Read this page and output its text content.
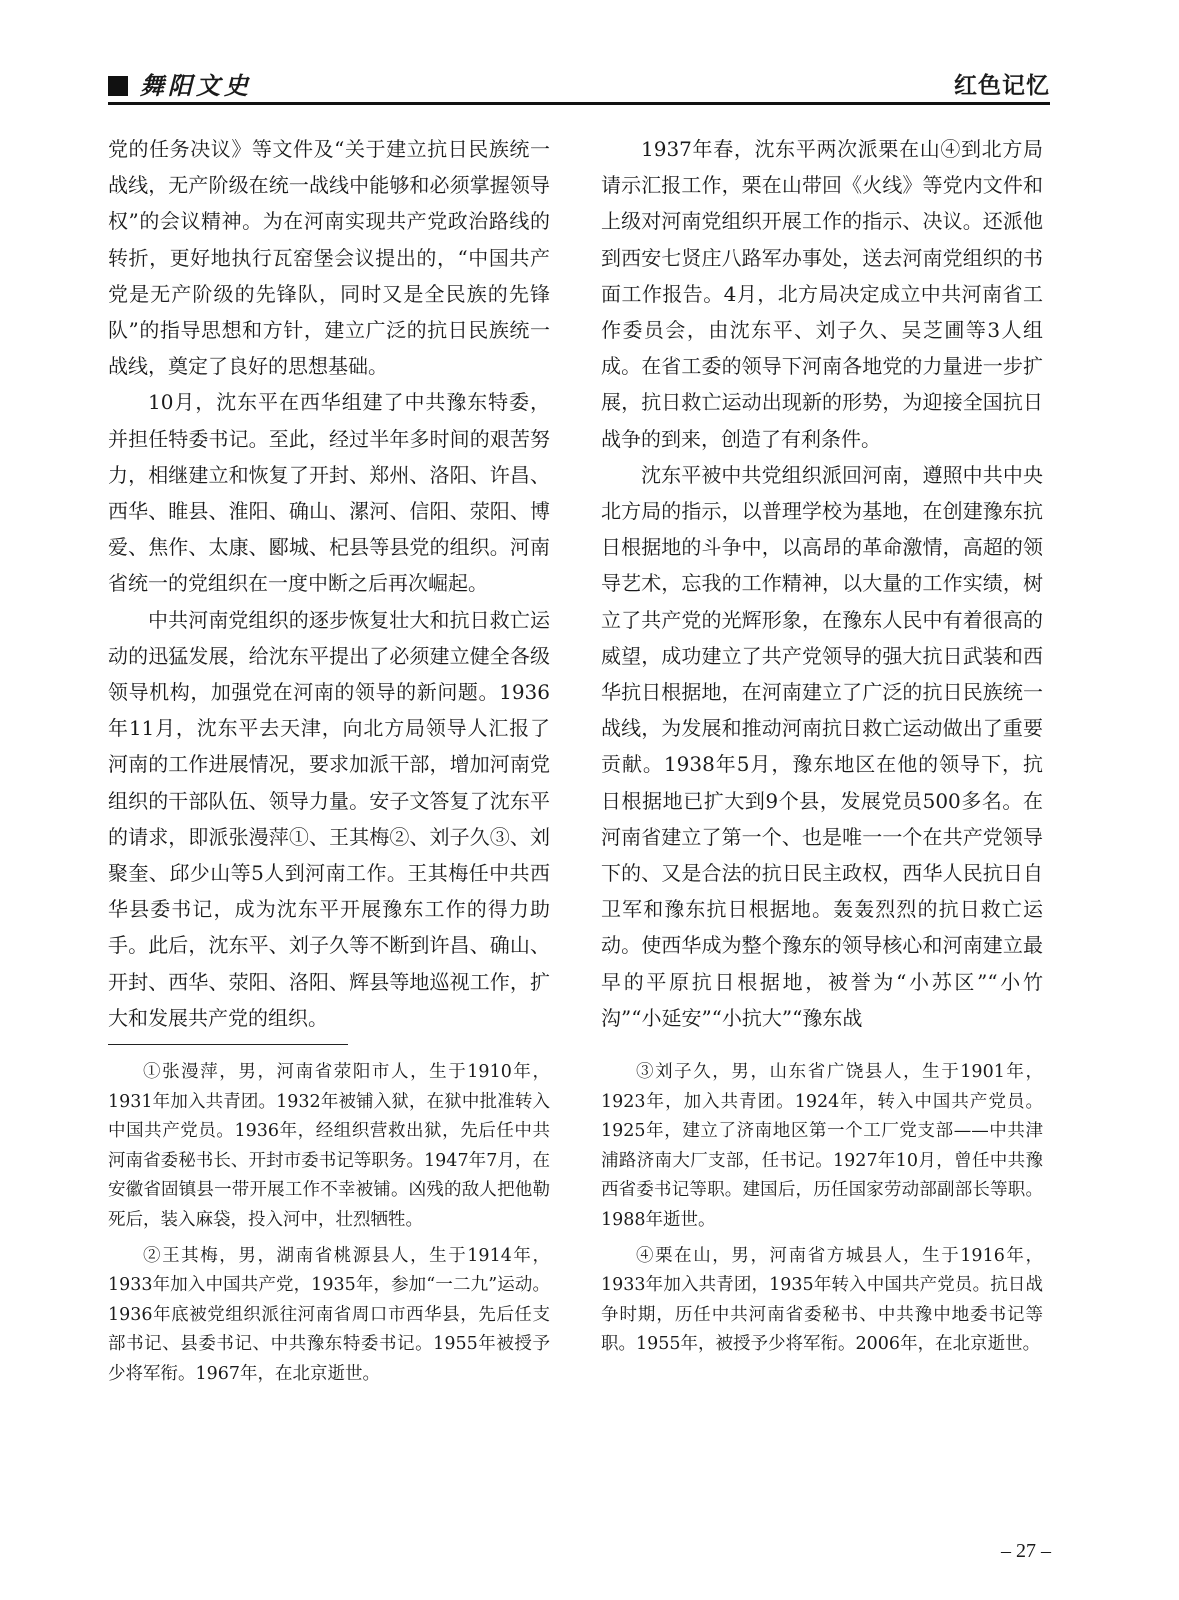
舞阳文史	红色记忆

党的任务决议》等文件及“关于建立抗日民族统一战线，无产阶级在统一战线中能够和必须掌握领导权”的会议精神。为在河南实现共产党政治路线的转折，更好地执行瓦窑堡会议提出的，“中国共产党是无产阶级的先锋队，同时又是全民族的先锋队”的指导思想和方针，建立广泛的抗日民族统一战线，奠定了良好的思想基础。

10月，沈东平在西华组建了中共豫东特委，并担任特委书记。至此，经过半年多时间的艰苦努力，相继建立和恢复了开封、郑州、洛阳、许昌、西华、睢县、淮阳、确山、漯河、信阳、荥阳、博爱、焦作、太康、郾城、杞县等县党的组织。河南省统一的党组织在一度中断之后再次崛起。

中共河南党组织的逐步恢复壮大和抗日救亡运动的迅猛发展，给沈东平提出了必须建立健全各级领导机构，加强党在河南的领导的新问题。1936年11月，沈东平去天津，向北方局领导人汇报了河南的工作进展情况，要求加派干部，增加河南党组织的干部队伍、领导力量。安子文答复了沈东平的请求，即派张漫萍①、王其梅②、刘子久③、刘聚奎、邱少山等5人到河南工作。王其梅任中共西华县委书记，成为沈东平开展豫东工作的得力助手。此后，沈东平、刘子久等不断到许昌、确山、开封、西华、荥阳、洛阳、辉县等地巡视工作，扩大和发展共产党的组织。

1937年春，沈东平两次派栗在山④到北方局请示汇报工作，栗在山带回《火线》等党内文件和上级对河南党组织开展工作的指示、决议。还派他到西安七贤庄八路军办事处，送去河南党组织的书面工作报告。4月，北方局决定成立中共河南省工作委员会，由沈东平、刘子久、吴芝圃等3人组成。在省工委的领导下河南各地党的力量进一步扩展，抗日救亡运动出现新的形势，为迎接全国抗日战争的到来，创造了有利条件。

沈东平被中共党组织派回河南，遵照中共中央北方局的指示，以普理学校为基地，在创建豫东抗日根据地的斗争中，以高昂的革命激情，高超的领导艺术，忘我的工作精神，以大量的工作实绩，树立了共产党的光辉形象，在豫东人民中有着很高的威望，成功建立了共产党领导的强大抗日武装和西华抗日根据地，在河南建立了广泛的抗日民族统一战线，为发展和推动河南抗日救亡运动做出了重要贡献。1938年5月，豫东地区在他的领导下，抗日根据地已扩大到9个县，发展党员500多名。在河南省建立了第一个、也是唯一一个在共产党领导下的、又是合法的抗日民主政权，西华人民抗日自卫军和豫东抗日根据地。轰轰烈烈的抗日救亡运动。使西华成为整个豫东的领导核心和河南建立最早的平原抗日根据地，被誉为“小苏区”“小竹沟”“小延安”“小抗大”“豫东战

①张漫萍，男，河南省荥阳市人，生于1910年，1931年加入共青团。1932年被铺入狱，在狱中批准转入中国共产党员。1936年，经组织营救出狱，先后任中共河南省委秘书长、开封市委书记等职务。1947年7月，在安徽省固镇县一带开展工作不幸被铺。凶残的敌人把他勒死后，装入麻袋，投入河中，壮烈牺牲。

②王其梅，男，湖南省桃源县人，生于1914年，1933年加入中国共产党，1935年，参加“一二九”运动。1936年底被党组织派往河南省周口市西华县，先后任支部书记、县委书记、中共豫东特委书记。1955年被授予少将军衔。1967年，在北京逝世。

③刘子久，男，山东省广饶县人，生于1901年，1923年，加入共青团。1924年，转入中国共产党员。1925年，建立了济南地区第一个工厂党支部——中共津浦路济南大厂支部，任书记。1927年10月，曾任中共豫西省委书记等职。建国后，历任国家劳动部副部长等职。1988年逝世。

④栗在山，男，河南省方城县人，生于1916年，1933年加入共青团，1935年转入中国共产党员。抗日战争时期，历任中共河南省委秘书、中共豫中地委书记等职。1955年，被授予少将军衔。2006年，在北京逝世。

– 27 –
